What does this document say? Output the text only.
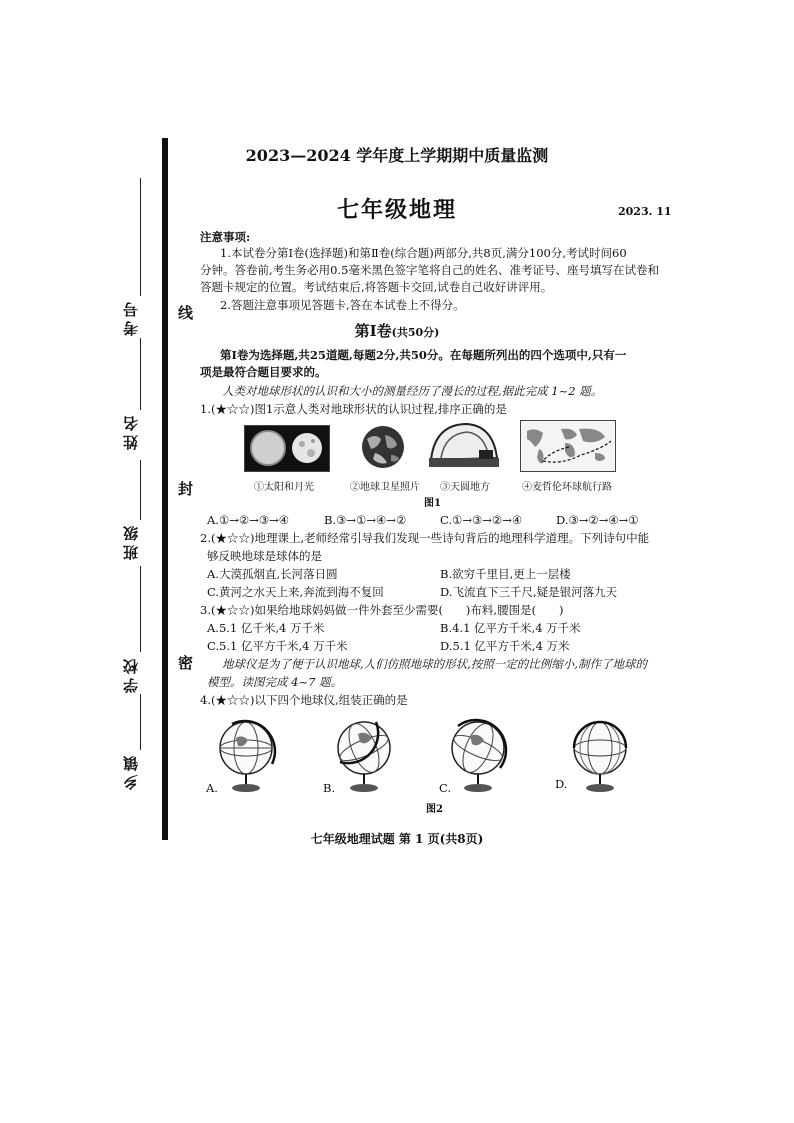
考号
姓名
班级
学校
乡镇
线
封
密
2023—2024 学年度上学期期中质量监测
七年级地理	2023. 11
注意事项:
1.本试卷分第Ⅰ卷(选择题)和第Ⅱ卷(综合题)两部分,共8页,满分100分,考试时间60
分钟。答卷前,考生务必用0.5毫米黑色签字笔将自己的姓名、准考证号、座号填写在试卷和
答题卡规定的位置。考试结束后,将答题卡交回,试卷自己收好讲评用。
2.答题注意事项见答题卡,答在本试卷上不得分。
第Ⅰ卷(共50分)
第Ⅰ卷为选择题,共25道题,每题2分,共50分。在每题所列出的四个选项中,只有一
项是最符合题目要求的。
人类对地球形状的认识和大小的测量经历了漫长的过程,据此完成 1~2 题。
1.(★☆☆)图1示意人类对地球形状的认识过程,排序正确的是
①太阳和月光	②地球卫星照片 ③天圆地方	④麦哲伦环球航行路
图1
A.①→②→③→④	B.③→①→④→②	C.①→③→②→④	D.③→②→④→①
2.(★☆☆)地理课上,老师经常引导我们发现一些诗句背后的地理科学道理。下列诗句中能
够反映地球是球体的是
A.大漠孤烟直,长河落日圆	B.欲穷千里目,更上一层楼
C.黄河之水天上来,奔流到海不复回	D.飞流直下三千尺,疑是银河落九天
3.(★☆☆)如果给地球妈妈做一件外套至少需要(　　)布料,腰围是(　　)
A.5.1 亿千米,4 万千米	B.4.1 亿平方千米,4 万千米
C.5.1 亿平方千米,4 万千米	D.5.1 亿平方千米,4 万米
地球仪是为了便于认识地球,人们仿照地球的形状,按照一定的比例缩小,制作了地球的
模型。读图完成 4~7 题。
4.(★☆☆)以下四个地球仪,组装正确的是
A.	B.	C.	D.
图2
七年级地理试题 第 1 页(共8页)
